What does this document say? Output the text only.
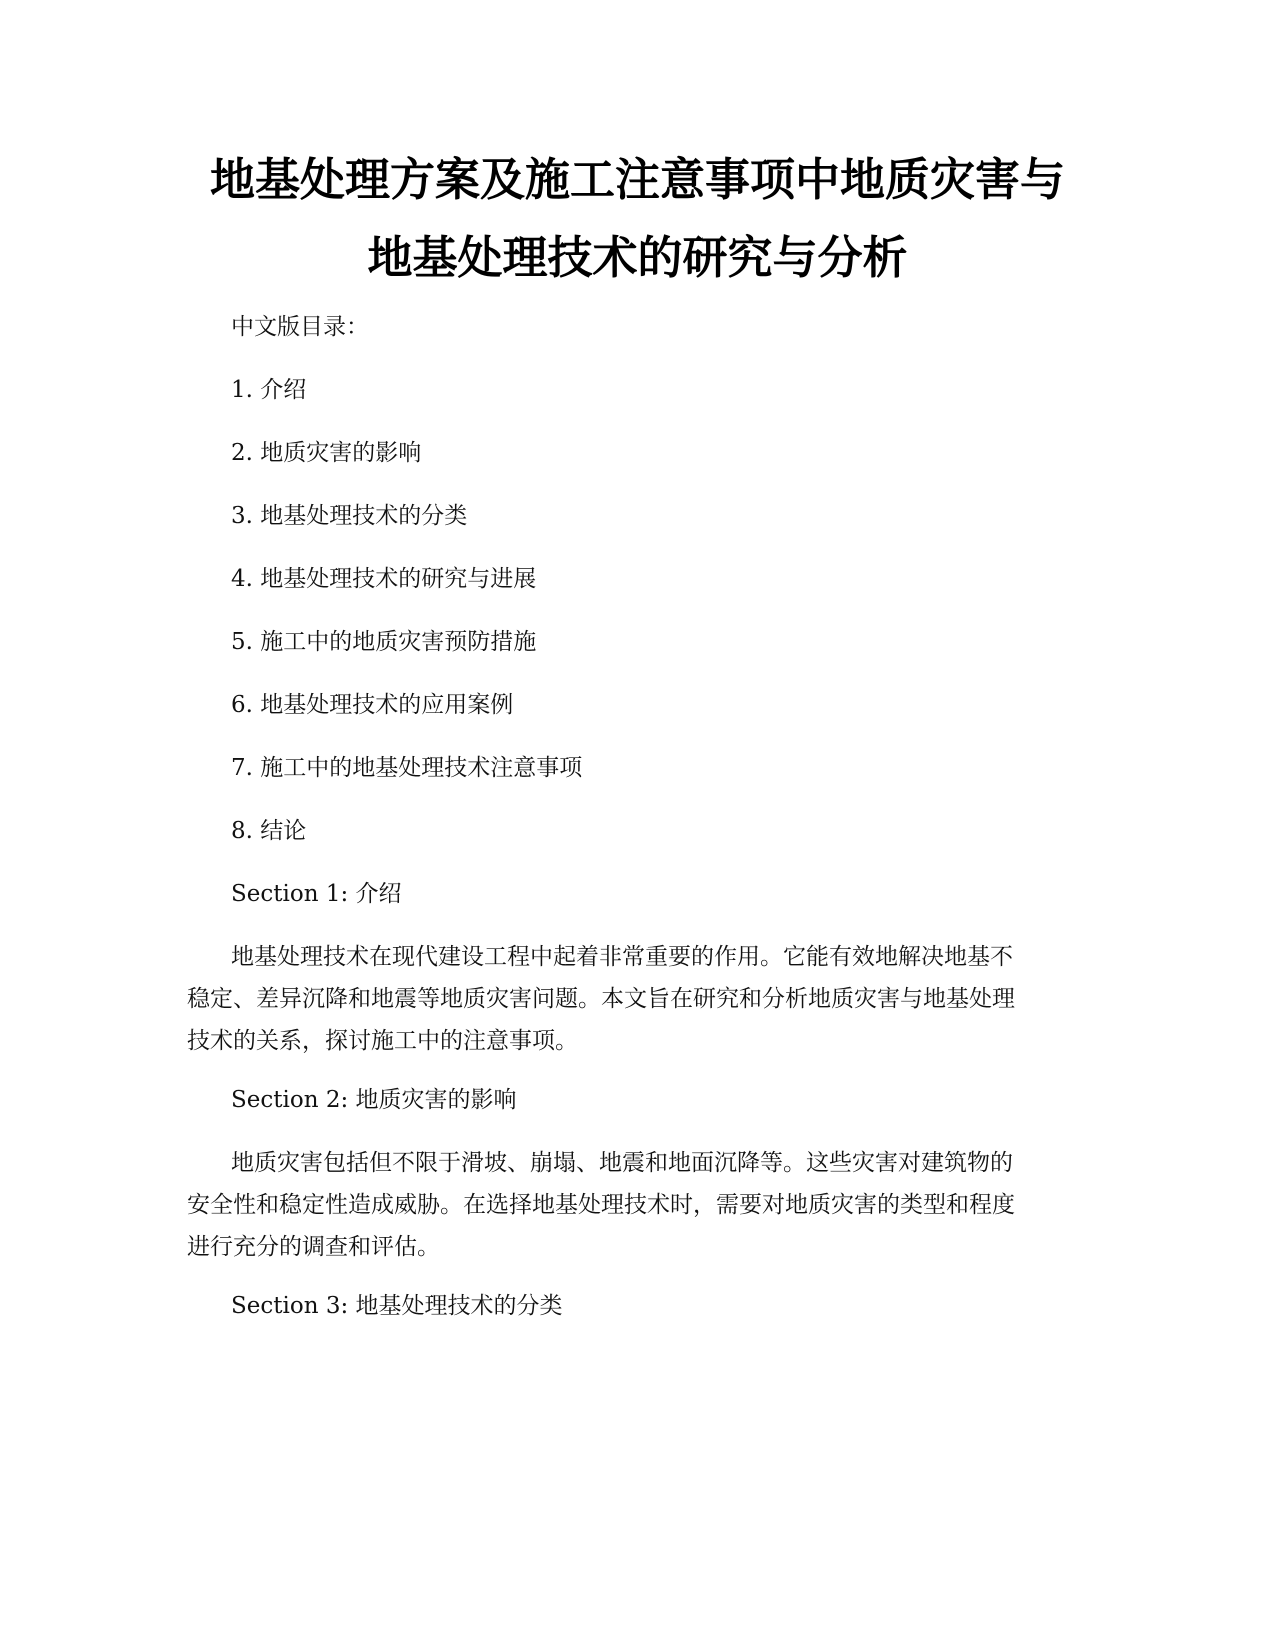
地基处理方案及施工注意事项中地质灾害与
地基处理技术的研究与分析

中文版目录：

1. 介绍

2. 地质灾害的影响

3. 地基处理技术的分类

4. 地基处理技术的研究与进展

5. 施工中的地质灾害预防措施

6. 地基处理技术的应用案例

7. 施工中的地基处理技术注意事项

8. 结论

Section 1: 介绍

地基处理技术在现代建设工程中起着非常重要的作用。它能有效地解决地基不
稳定、差异沉降和地震等地质灾害问题。本文旨在研究和分析地质灾害与地基处理
技术的关系，探讨施工中的注意事项。

Section 2: 地质灾害的影响

地质灾害包括但不限于滑坡、崩塌、地震和地面沉降等。这些灾害对建筑物的
安全性和稳定性造成威胁。在选择地基处理技术时，需要对地质灾害的类型和程度
进行充分的调查和评估。

Section 3: 地基处理技术的分类
